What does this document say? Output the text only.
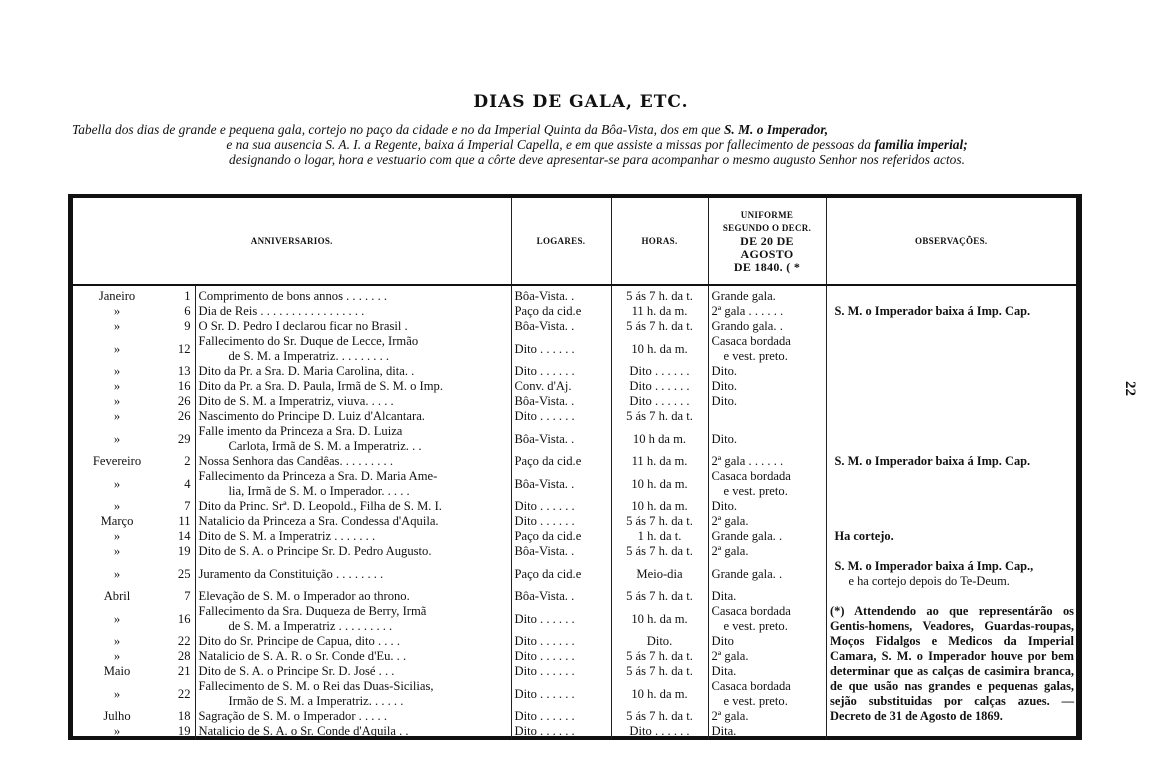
DIAS DE GALA, ETC.
Tabella dos dias de grande e pequena gala, cortejo no paço da cidade e no da Imperial Quinta da Bôa-Vista, dos em que S. M. o Imperador,
e na sua ausencia S. A. I. a Regente, baixa á Imperial Capella, e em que assiste a missas por fallecimento de pessoas da familia imperial;
designando o logar, hora e vestuario com que a côrte deve apresentar-se para acompanhar o mesmo augusto Senhor nos referidos actos.
22
ANNIVERSARIOS.			LOGARES.	HORAS.	UNIFORME
SEGUNDO O DECR.
DE 20 DE AGOSTO
DE 1840. ( *	OBSERVAÇÕES.
Janeiro	1	Comprimento de bons annos . . . . . . .	Bôa-Vista. .	5 ás 7 h. da t.	Grande gala.	

»	6	Dia de Reis . . . . . . . . . . . . . . . . .	Paço da cid.e	11 h. da m.	2ª gala . . . . . .	S. M. o Imperador baixa á Imp. Cap.

»	9	O Sr. D. Pedro I declarou ficar no Brasil .	Bôa-Vista. .	5 ás 7 h. da t.	Grando gala. .	

»	12	Fallecimento do Sr. Duque de Lecce, Irmão
de S. M. a Imperatriz. . . . . . . . .	Dito . . . . . .	10 h. da m.	Casaca bordada
e vest. preto.	

»	13	Dito da Pr. a Sra. D. Maria Carolina, dita. .	Dito . . . . . .	Dito . . . . . .	Dito.	

»	16	Dito da Pr. a Sra. D. Paula, Irmã de S. M. o Imp.	Conv. d'Aj.	Dito . . . . . .	Dito.	

»	26	Dito de S. M. a Imperatriz, viuva. . . . .	Bôa-Vista. .	Dito . . . . . .	Dito.	

»	26	Nascimento do Principe D. Luiz d'Alcantara.	Dito . . . . . .	5 ás 7 h. da t.	

»	29	Falle imento da Princeza a Sra. D. Luiza
Carlota, Irmã de S. M. a Imperatriz. . .	Bôa-Vista. .	10 h da m.	Dito.	

Fevereiro	2	Nossa Senhora das Candêas. . . . . . . . .	Paço da cid.e	11 h. da m.	2ª gala . . . . . .	S. M. o Imperador baixa á Imp. Cap.

»	4	Fallecimento da Princeza a Sra. D. Maria Ame-
lia, Irmã de S. M. o Imperador. . . . .	Bôa-Vista. .	10 h. da m.	Casaca bordada
e vest. preto.	

»	7	Dito da Princ. Srª. D. Leopold., Filha de S. M. I.	Dito . . . . . .	10 h. da m.	Dito.	

Março	11	Natalicio da Princeza a Sra. Condessa d'Aquila.	Dito . . . . . .	5 ás 7 h. da t.	2ª gala.	

»	14	Dito de S. M. a Imperatriz . . . . . . .	Paço da cid.e	1 h. da t.	Grande gala. .	Ha cortejo.

»	19	Dito de S. A. o Principe Sr. D. Pedro Augusto.	Bôa-Vista. .	5 ás 7 h. da t.	2ª gala.	

»	25	Juramento da Constituição . . . . . . . .	Paço da cid.e	Meio-dia	Grande gala. .	S. M. o Imperador baixa á Imp. Cap.,
e ha cortejo depois do Te-Deum.

Abril	7	Elevação de S. M. o Imperador ao throno.	Bôa-Vista. .	5 ás 7 h. da t.	Dita.	

»	16	Fallecimento da Sra. Duqueza de Berry, Irmã
de S. M. a Imperatriz . . . . . . . . .	Dito . . . . . .	10 h. da m.	Casaca bordada
e vest. preto.	

»	22	Dito do Sr. Principe de Capua, dito . . . .	Dito . . . . . .	Dito.	Dito	

»	28	Natalicio de S. A. R. o Sr. Conde d'Eu. . .	Dito . . . . . .	5 ás 7 h. da t.	2ª gala.	

Maio	21	Dito de S. A. o Principe Sr. D. José . . .	Dito . . . . . .	5 ás 7 h. da t.	Dita.	

»	22	Fallecimento de S. M. o Rei das Duas-Sicilias,
Irmão de S. M. a Imperatriz. . . . . .	Dito . . . . . .	10 h. da m.	Casaca bordada
e vest. preto.	

Julho	18	Sagração de S. M. o Imperador . . . . .	Dito . . . . . .	5 ás 7 h. da t.	2ª gala.	

»	19	Natalicio de S. A. o Sr. Conde d'Aquila . .	Dito . . . . . .	Dito . . . . . .	Dita.	
(*) Attendendo ao que representárão os Gentis-homens, Veadores, Guardas-roupas, Moços Fidalgos e Medicos da Imperial Camara, S. M. o Imperador houve por bem determinar que as calças de casimira branca, de que usão nas grandes e pequenas galas, sejão substituidas por calças azues. — Decreto de 31 de Agosto de 1869.
